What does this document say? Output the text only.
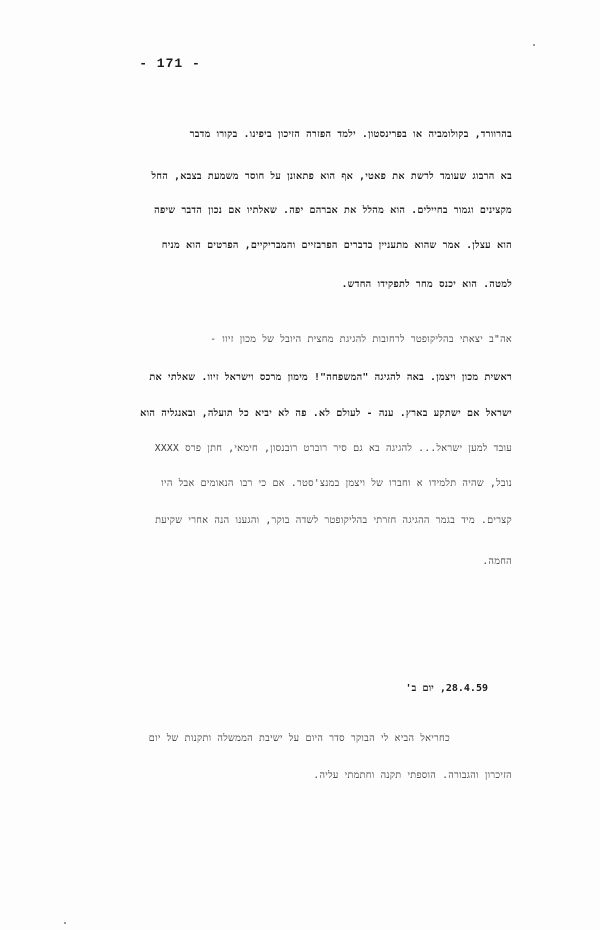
- 171 -
בהרוורד, בקולומביה או בפרינסטון. ילמד הפזרה הזיכון ביפינו. בקורו מדבר
בא הרבוג שעומד לרשת את פאטי, אף הוא פתאונן על חוסר משמעת בצבא, החל
מקצינים וגמור בחיילים. הוא מהלל את אברהם יפה. שאלתיו אם נכון הדבר שיפה
הוא עצלן. אמר שהוא מתעניין בדברים הפרבזיים והמבריקיים, הפרטים הוא מניח
למטה. הוא יכנס מחר לתפקידו החדש.
אה"ב יצאתי בהליקופטר לרחובות להגיגת מחצית היובל של מכון זיוו -
ראשית מכון ויצמן. באה להגיגה "המשפחה"! מימון מרכס וישראל זיוו. שאלתי את
ישראל אם ישתקע בארץ. ענה - לעולם לא. פה לא יביא כל תועלה, ובאנגליה הוא
עובד למען ישראל... להגיגה בא גם סיר רוברט רובנסון, חימאי, חתן פרס XXXX
נובל, שהיה תלמידו א וחברו של ויצמן במנצ'סטר. אם כי רבו הנאומים אבל היו
קצרים. מיד בגמר ההגיגה חזרתי בהליקופטר לשדה בוקר, והגענו הנה אחרי שקיעת
החמה.
28.4.59, יום ב'
כחריאל הביא לי הבוקר סדר היום על ישיבת הממשלה ותקנות של יום
הזיכרון והגבורה. הוספתי תקנה וחתמתי עליה.
